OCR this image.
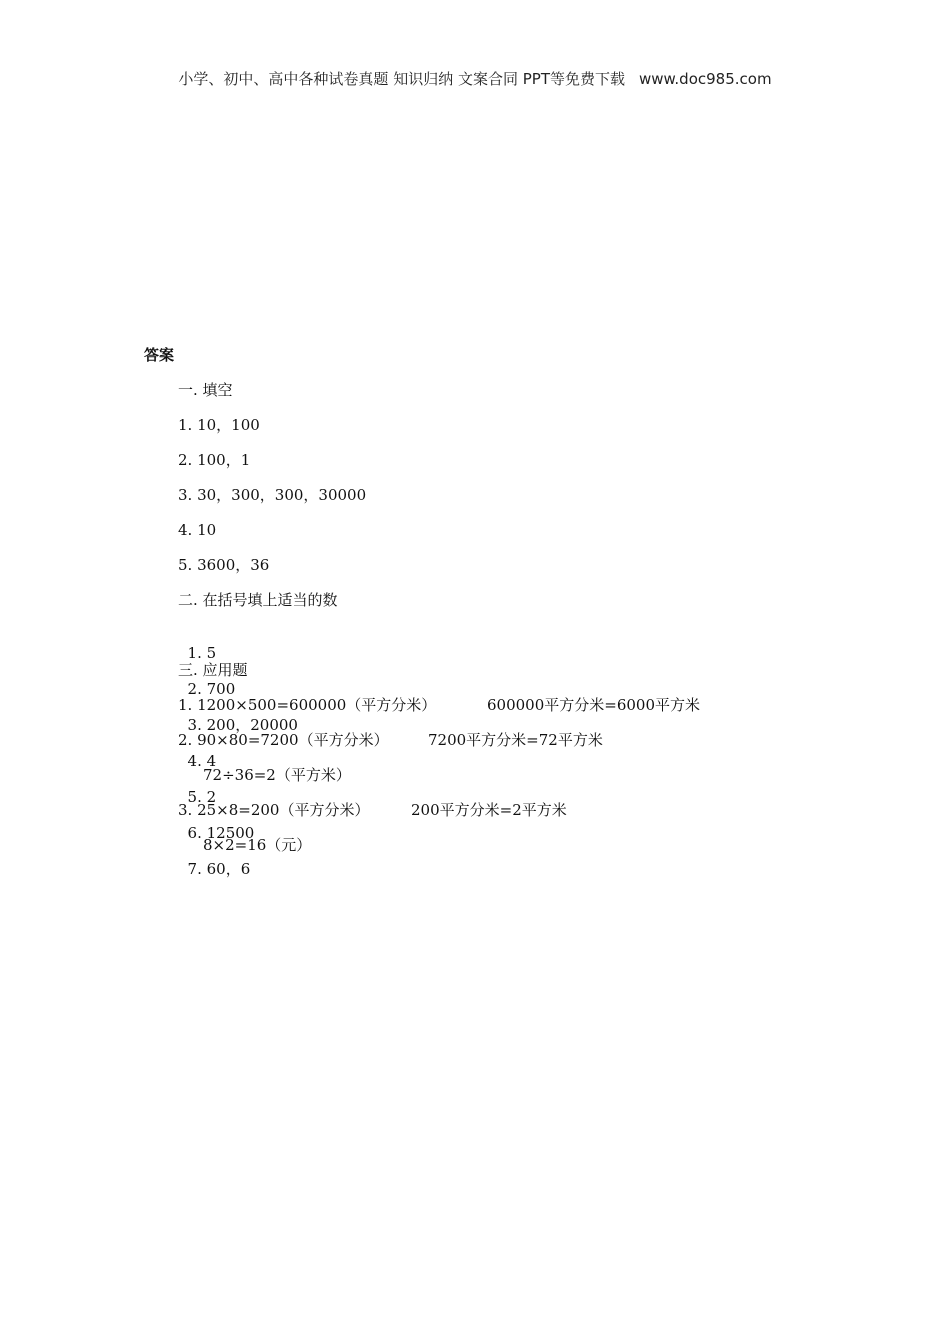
小学、初中、高中各种试卷真题 知识归纳 文案合同 PPT等免费下载 www.doc985.com
答案
一. 填空
1. 10，100
2. 100，1
3. 30，300，300，30000
4. 10
5. 3600，36
二. 在括号填上适当的数

1. 5

2. 700

3. 200，20000

4. 4

5. 2

6. 12500

7. 60，6

三. 应用题
1. 1200×500=600000（平方分米）	600000平方分米=6000平方米
2. 90×80=7200（平方分米）	7200平方分米=72平方米
72÷36=2（平方米）
3. 25×8=200（平方分米）	200平方分米=2平方米
8×2=16（元）
